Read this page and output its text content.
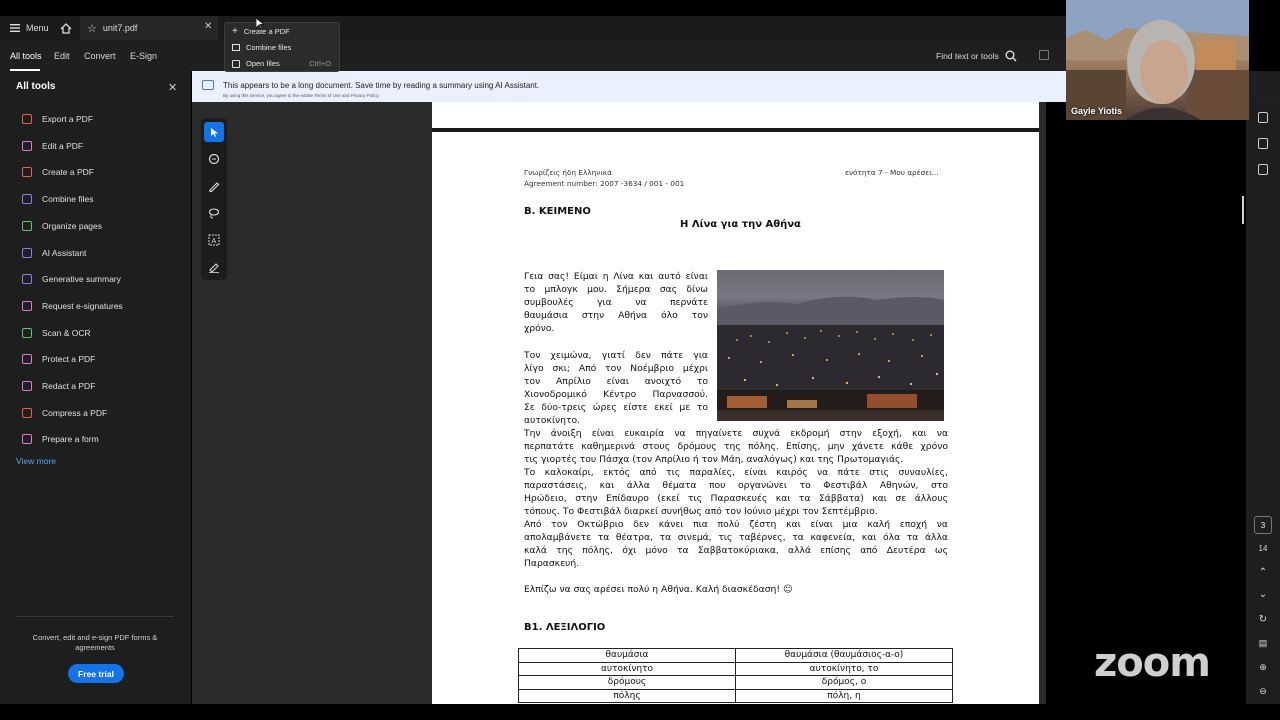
Menu	☆ unit7.pdf	✕ + Create a PDF
Combine files
Open files	Ctrl+O
All tools Edit Convert E-Sign	Find text or tools
All tools	✕
Export a PDF
Edit a PDF
Create a PDF
Combine files
Organize pages
AI Assistant
Generative summary
Request e-signatures
Scan & OCR
Protect a PDF
Redact a PDF
Compress a PDF
Prepare a form
View more
Convert, edit and e-sign PDF forms & agreements
Free trial
This appears to be a long document. Save time by reading a summary using AI Assistant.
By using this service, you agree to the Adobe Terms of Use and Privacy Policy.
A
Γνωρίζεις ήδη Ελληνικά
Agreement number: 2007 -3634 / 001 - 001
ενότητα 7 - Μου αρέσει...
Β. ΚΕΙΜΕΝΟ
Η Λίνα για την Αθήνα
Γεια σας! Είμαι η Λίνα και αυτό είναι
το μπλογκ μου. Σήμερα σας δίνω
συμβουλές για να περνάτε
θαυμάσια στην Αθήνα όλο τον
χρόνο.
Τον χειμώνα, γιατί δεν πάτε για
λίγο σκι; Από τον Νοέμβριο μέχρι
τον Απρίλιο είναι ανοιχτό το
Χιονοδρομικό Κέντρο Παρνασσού.
Σε δύο-τρεις ώρες είστε εκεί με το
αυτοκίνητο.
Την άνοιξη είναι ευκαιρία να πηγαίνετε συχνά εκδρομή στην εξοχή, και να
περπατάτε καθημερινά στους δρόμους της πόλης. Επίσης, μην χάνετε κάθε χρόνο
τις γιορτές του Πάσχα (τον Απρίλιο ή τον Μάη, αναλόγως) και της Πρωτομαγιάς.
Το καλοκαίρι, εκτός από τις παραλίες, είναι καιρός να πάτε στις συναυλίες,
παραστάσεις, και άλλα θέματα που οργανώνει το Φεστιβάλ Αθηνών, στο
Ηρώδειο, στην Επίδαυρο (εκεί τις Παρασκευές και τα Σάββατα) και σε άλλους
τόπους. Το Φεστιβάλ διαρκεί συνήθως από τον Ιούνιο μέχρι τον Σεπτέμβριο.
Από τον Οκτώβριο δεν κάνει πια πολύ ζέστη και είναι μια καλή εποχή να
απολαμβάνετε τα θέατρα, τα σινεμά, τις ταβέρνες, τα καφενεία, και όλα τα άλλα
καλά της πόλης, όχι μόνο τα Σαββατοκύριακα, αλλά επίσης από Δευτέρα ως
Παρασκευή.
Ελπίζω να σας αρέσει πολύ η Αθήνα. Καλή διασκέδαση! ☺
Β1. ΛΕΞΙΛΟΓΙΟ
θαυμάσια	θαυμάσια (θαυμάσιος-α-ο)
αυτοκίνητο	αυτοκίνητο, το
δρόμους	δρόμος, ο
πόλης	πόλη, η
3
14
⌃
⌄
↻
▤
⊕
⊖
Gayle Yiotis
zoom
